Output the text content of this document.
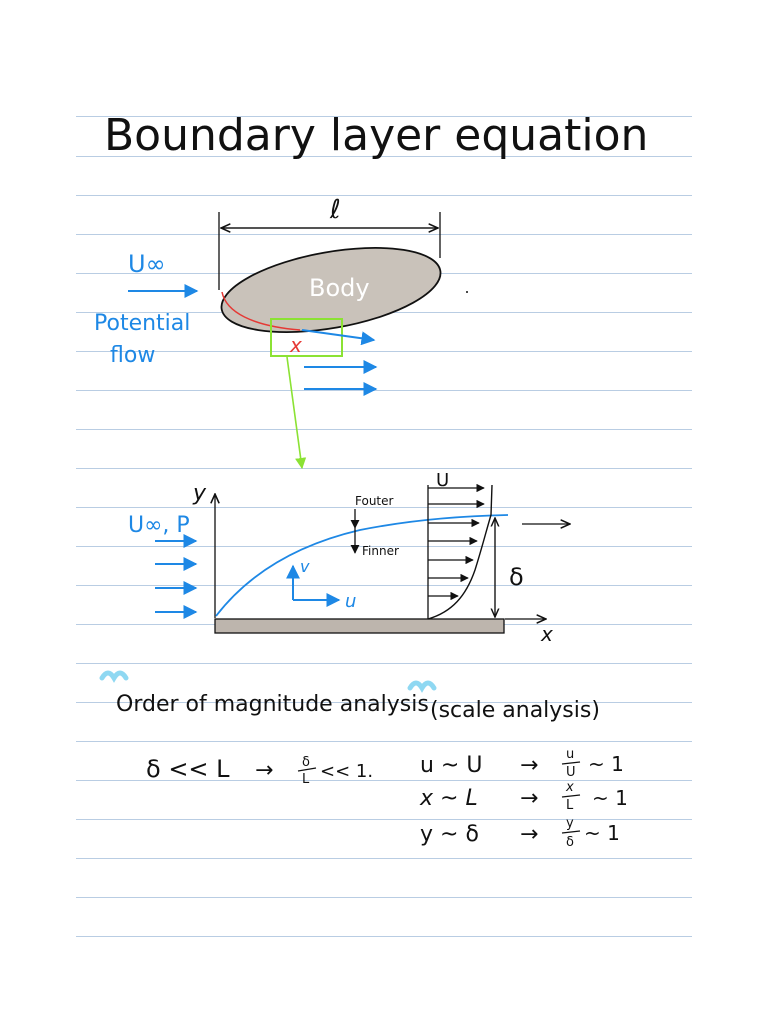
Boundary layer equation
ℓ
Body
U∞
Potential
flow	x
U∞, P
y
x
v
u
Fouter
Finner
U
δ
Order of magnitude analysis (scale analysis)
δ << L → δ
L << 1. u ~ U → u
U ~ 1
x ~ L → x
L ~ 1
y ~ δ → y
δ ~ 1
